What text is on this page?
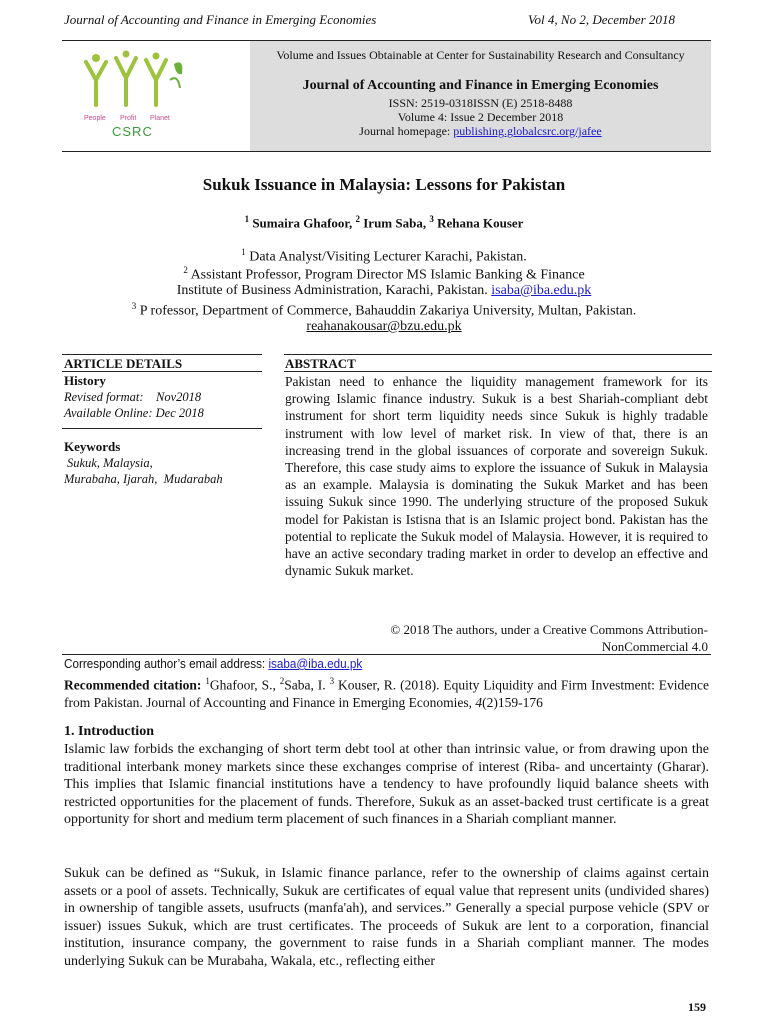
Journal of Accounting and Finance in Emerging Economies	Vol 4, No 2, December 2018
People Profit Planet
CSRC
Volume and Issues Obtainable at Center for Sustainability Research and Consultancy
Journal of Accounting and Finance in Emerging Economies
ISSN: 2519-0318ISSN (E) 2518-8488
Volume 4: Issue 2 December 2018
Journal homepage: publishing.globalcsrc.org/jafee
Sukuk Issuance in Malaysia: Lessons for Pakistan
$^1$ Sumaira Ghafoor, $^2$ Irum Saba, $^3$ Rehana Kouser
$^1$ Data Analyst/Visiting Lecturer Karachi, Pakistan.
$^2$ Assistant Professor, Program Director MS Islamic Banking & Finance
Institute of Business Administration, Karachi, Pakistan. isaba@iba.edu.pk
$^3$ P rofessor, Department of Commerce, Bahauddin Zakariya University, Multan, Pakistan.
reahanakousar@bzu.edu.pk
ARTICLE DETAILS	ABSTRACT
History
Revised format:    Nov2018
Available Online: Dec 2018
Keywords
Sukuk, Malaysia,
Murabaha, Ijarah,  Mudarabah
Pakistan need to enhance the liquidity management framework for its growing Islamic finance industry. Sukuk is a best Shariah-compliant debt instrument for short term liquidity needs since Sukuk is highly tradable instrument with low level of market risk. In view of that, there is an increasing trend in the global issuances of corporate and sovereign Sukuk. Therefore, this case study aims to explore the issuance of Sukuk in Malaysia as an example. Malaysia is dominating the Sukuk Market and has been issuing Sukuk since 1990. The underlying structure of the proposed Sukuk model for Pakistan is Istisna that is an Islamic project bond. Pakistan has the potential to replicate the Sukuk model of Malaysia. However, it is required to have an active secondary trading market in order to develop an effective and dynamic Sukuk market.
© 2018 The authors, under a Creative Commons Attribution-
NonCommercial 4.0
Corresponding author’s email address: isaba@iba.edu.pk
Recommended citation: $^1$Ghafoor, S., $^2$Saba, I. $^3$ Kouser, R. (2018). Equity Liquidity and Firm Investment: Evidence from Pakistan. Journal of Accounting and Finance in Emerging Economies, 4(2)159-176
1. Introduction
Islamic law forbids the exchanging of short term debt tool at other than intrinsic value, or from drawing upon the traditional interbank money markets since these exchanges comprise of interest (Riba- and uncertainty (Gharar). This implies that Islamic financial institutions have a tendency to have profoundly liquid balance sheets with restricted opportunities for the placement of funds. Therefore, Sukuk as an asset-backed trust certificate is a great opportunity for short and medium term placement of such finances in a Shariah compliant manner.
Sukuk can be defined as “Sukuk, in Islamic finance parlance, refer to the ownership of claims against certain assets or a pool of assets. Technically, Sukuk are certificates of equal value that represent units (undivided shares) in ownership of tangible assets, usufructs (manfa'ah), and services.” Generally a special purpose vehicle (SPV or issuer) issues Sukuk, which are trust certificates. The proceeds of Sukuk are lent to a corporation, financial institution, insurance company, the government to raise funds in a Shariah compliant manner. The modes underlying Sukuk can be Murabaha, Wakala, etc., reflecting either
159
